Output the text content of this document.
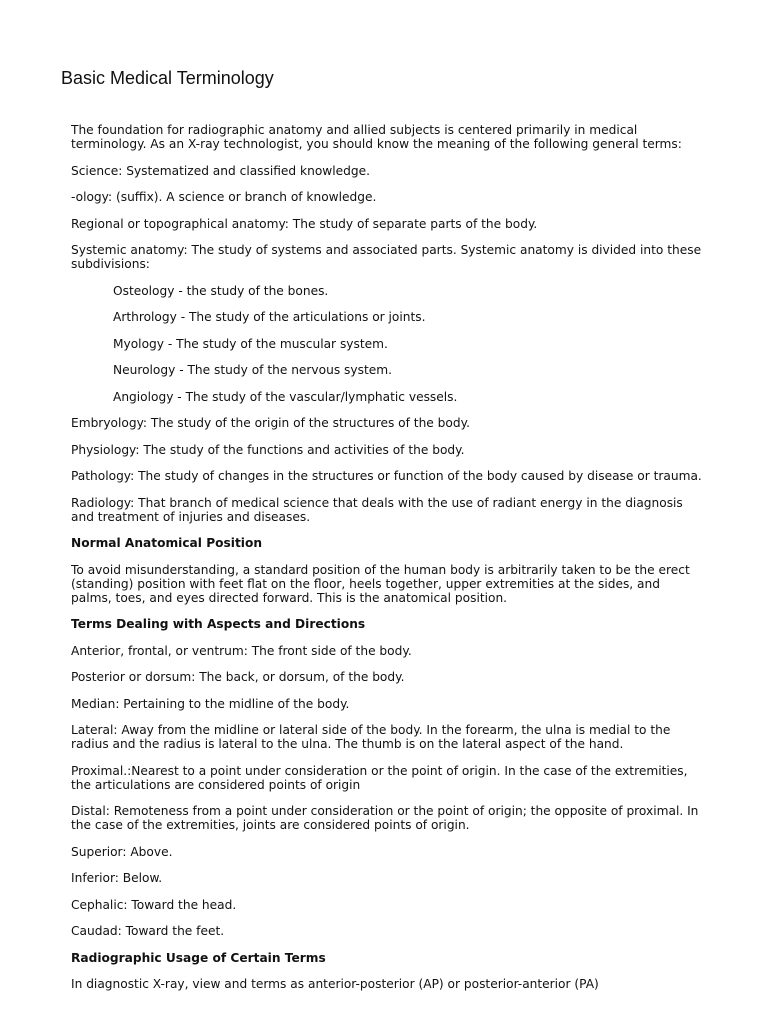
Basic Medical Terminology

The foundation for radiographic anatomy and allied subjects is centered primarily in medical terminology. As an X-ray technologist, you should know the meaning of the following general terms:

Science: Systematized and classified knowledge.

-ology: (suffix). A science or branch of knowledge.

Regional or topographical anatomy: The study of separate parts of the body.

Systemic anatomy: The study of systems and associated parts. Systemic anatomy is divided into these subdivisions:

Osteology - the study of the bones.

Arthrology - The study of the articulations or joints.

Myology - The study of the muscular system.

Neurology - The study of the nervous system.

Angiology - The study of the vascular/lymphatic vessels.

Embryology: The study of the origin of the structures of the body.

Physiology: The study of the functions and activities of the body.

Pathology: The study of changes in the structures or function of the body caused by disease or trauma.

Radiology: That branch of medical science that deals with the use of radiant energy in the diagnosis and treatment of injuries and diseases.

Normal Anatomical Position

To avoid misunderstanding, a standard position of the human body is arbitrarily taken to be the erect (standing) position with feet flat on the floor, heels together, upper extremities at the sides, and palms, toes, and eyes directed forward. This is the anatomical position.

Terms Dealing with Aspects and Directions

Anterior, frontal, or ventrum: The front side of the body.

Posterior or dorsum: The back, or dorsum, of the body.

Median: Pertaining to the midline of the body.

Lateral: Away from the midline or lateral side of the body. In the forearm, the ulna is medial to the radius and the radius is lateral to the ulna. The thumb is on the lateral aspect of the hand.

Proximal.:Nearest to a point under consideration or the point of origin. In the case of the extremities, the articulations are considered points of origin

Distal: Remoteness from a point under consideration or the point of origin; the opposite of proximal. In the case of the extremities, joints are considered points of origin.

Superior: Above.

Inferior: Below.

Cephalic: Toward the head.

Caudad: Toward the feet.

Radiographic Usage of Certain Terms

In diagnostic X-ray, view and terms as anterior-posterior (AP) or posterior-anterior (PA)
